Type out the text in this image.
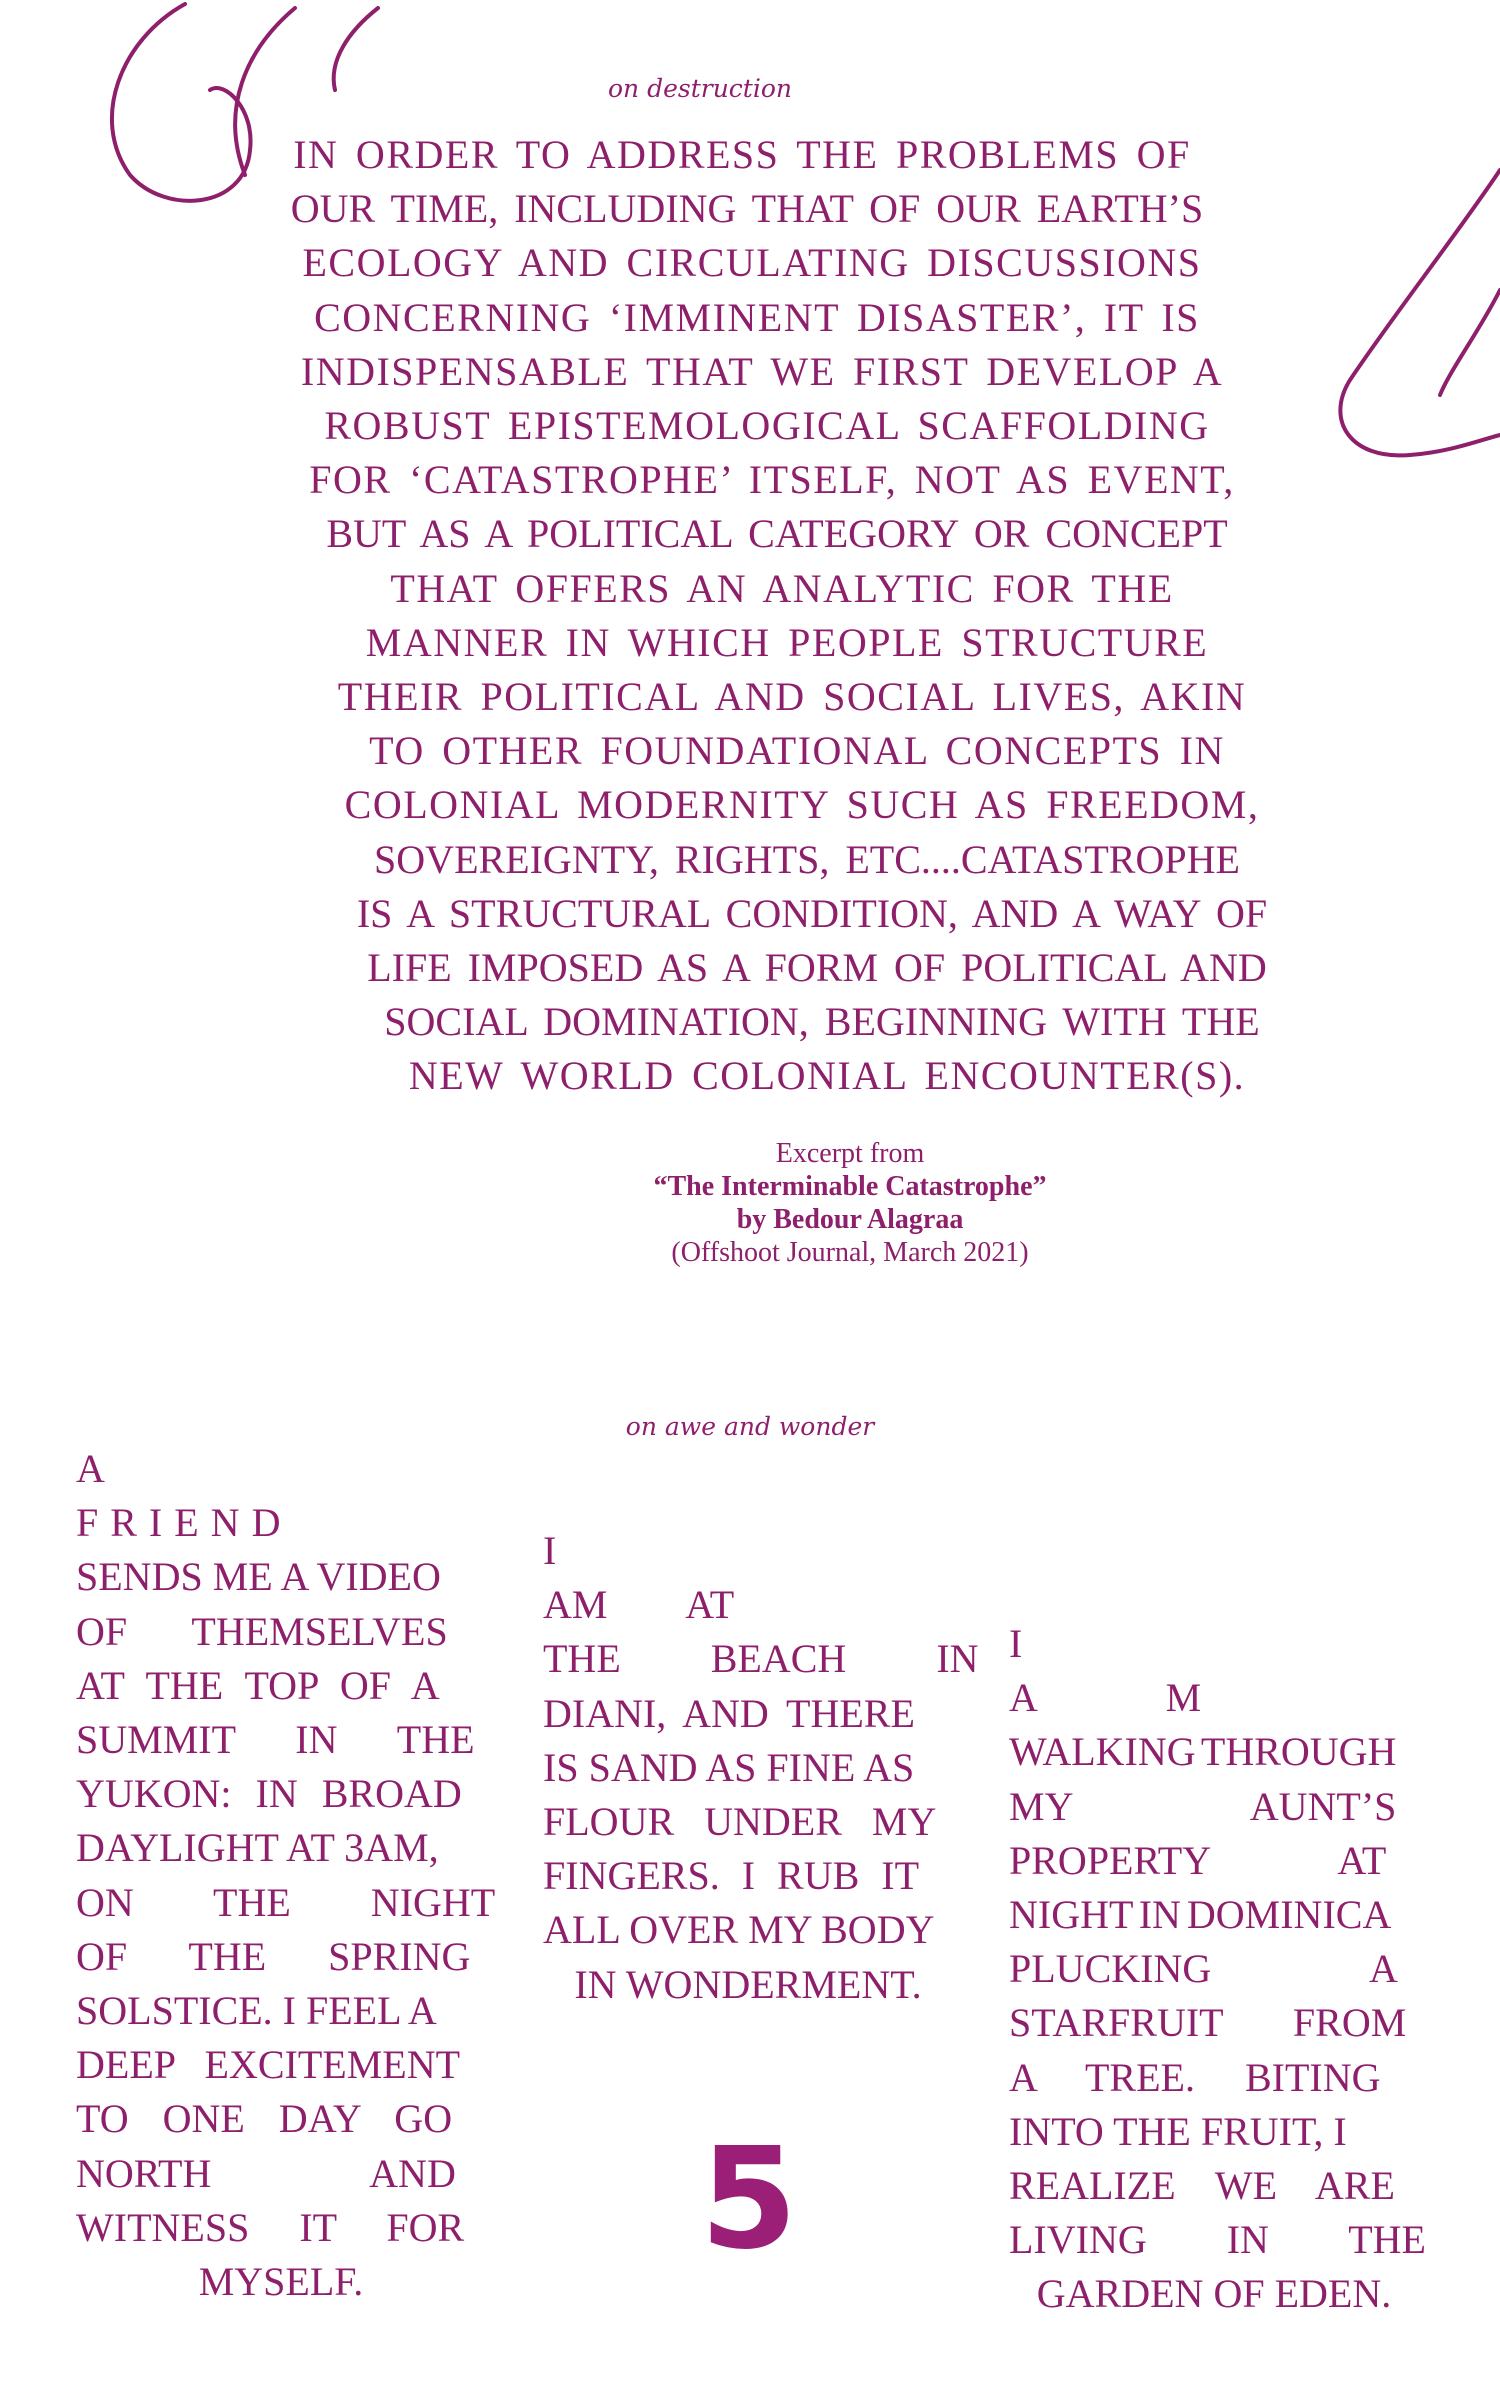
on destruction
IN ORDER TO ADDRESS THE PROBLEMS OF
OUR TIME, INCLUDING THAT OF OUR EARTH’S
ECOLOGY AND CIRCULATING DISCUSSIONS
CONCERNING ‘IMMINENT DISASTER’, IT IS
INDISPENSABLE THAT WE FIRST DEVELOP A
ROBUST EPISTEMOLOGICAL SCAFFOLDING
FOR ‘CATASTROPHE’ ITSELF, NOT AS EVENT,
BUT AS A POLITICAL CATEGORY OR CONCEPT
THAT OFFERS AN ANALYTIC FOR THE
MANNER IN WHICH PEOPLE STRUCTURE
THEIR POLITICAL AND SOCIAL LIVES, AKIN
TO OTHER FOUNDATIONAL CONCEPTS IN
COLONIAL MODERNITY SUCH AS FREEDOM,
SOVEREIGNTY, RIGHTS, ETC....CATASTROPHE
IS A STRUCTURAL CONDITION, AND A WAY OF
LIFE IMPOSED AS A FORM OF POLITICAL AND
SOCIAL DOMINATION, BEGINNING WITH THE
NEW WORLD COLONIAL ENCOUNTER(S).
Excerpt from
“The Interminable Catastrophe”
by Bedour Alagraa
(Offshoot Journal, March 2021)
on awe and wonder
A
FRIEND
SENDS ME A VIDEO
OF THEMSELVES
AT THE TOP OF A
SUMMIT IN THE
YUKON: IN BROAD
DAYLIGHT AT 3AM,
ON THE NIGHT
OF THE SPRING
SOLSTICE. I FEEL A
DEEP EXCITEMENT
TO ONE DAY GO
NORTH AND
WITNESS IT FOR
MYSELF.
I
AM AT
THE BEACH IN
DIANI, AND THERE
IS SAND AS FINE AS
FLOUR UNDER MY
FINGERS. I RUB IT
ALL OVER MY BODY
IN WONDERMENT.
I
A M
WALKING THROUGH
MY AUNT’S
PROPERTY AT
NIGHT IN DOMINICA
PLUCKING A
STARFRUIT FROM
A TREE. BITING
INTO THE FRUIT, I
REALIZE WE ARE
LIVING IN THE
GARDEN OF EDEN.
5
